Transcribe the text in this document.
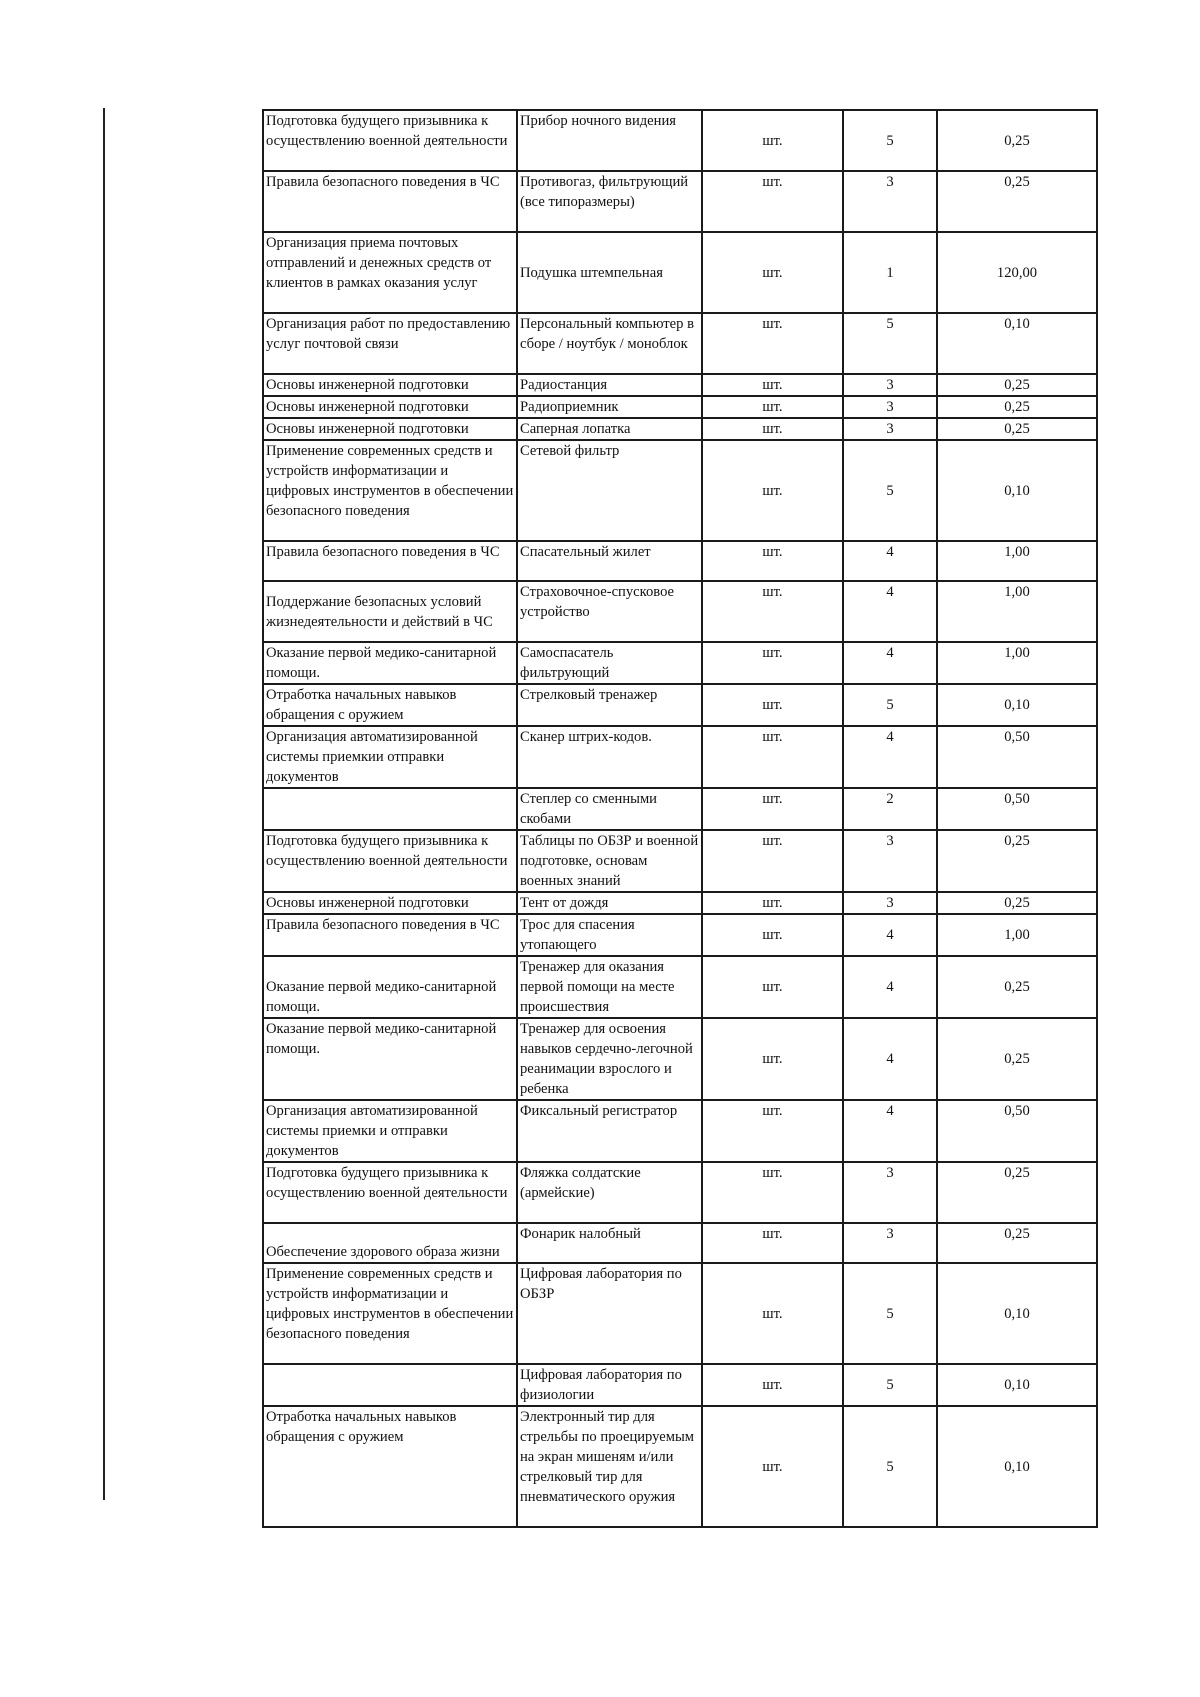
Подготовка будущего призывника к осуществлению военной деятельности	Прибор ночного видения	шт.	5	0,25
Правила безопасного поведения в ЧС	Противогаз, фильтрующий (все типоразмеры)	шт.	3	0,25
Организация приема почтовых отправлений и денежных средств от клиентов в рамках оказания услуг	Подушка штемпельная	шт.	1	120,00
Организация работ по предоставлению услуг почтовой связи	Персональный компьютер в сборе / ноутбук / моноблок	шт.	5	0,10
Основы инженерной подготовки	Радиостанция	шт.	3	0,25
Основы инженерной подготовки	Радиоприемник	шт.	3	0,25
Основы инженерной подготовки	Саперная лопатка	шт.	3	0,25
Применение современных средств и устройств информатизации и цифровых инструментов в обеспечении безопасного поведения	Сетевой фильтр	шт.	5	0,10
Правила безопасного поведения в ЧС	Спасательный жилет	шт.	4	1,00
Поддержание безопасных условий жизнедеятельности и действий в ЧС	Страховочное-спусковое устройство	шт.	4	1,00
Оказание первой медико-санитарной помощи.	Самоспасатель фильтрующий	шт.	4	1,00
Отработка начальных навыков обращения с оружием	Стрелковый тренажер	шт.	5	0,10
Организация автоматизированной системы приемкии отправки документов	Сканер штрих-кодов.	шт.	4	0,50
	Степлер со сменными скобами	шт.	2	0,50
Подготовка будущего призывника к осуществлению военной деятельности	Таблицы по ОБЗР и военной подготовке, основам военных знаний	шт.	3	0,25
Основы инженерной подготовки	Тент от дождя	шт.	3	0,25
Правила безопасного поведения в ЧС	Трос для спасения утопающего	шт.	4	1,00
Оказание первой медико-санитарной помощи.	Тренажер для оказания первой помощи на месте происшествия	шт.	4	0,25
Оказание первой медико-санитарной помощи.	Тренажер для освоения навыков сердечно-легочной реанимации взрослого и ребенка	шт.	4	0,25
Организация автоматизированной системы приемки и отправки документов	Фиксальный регистратор	шт.	4	0,50
Подготовка будущего призывника к осуществлению военной деятельности	Фляжка солдатские (армейские)	шт.	3	0,25
Обеспечение здорового образа жизни	Фонарик налобный	шт.	3	0,25
Применение современных средств и устройств информатизации и цифровых инструментов в обеспечении безопасного поведения	Цифровая лаборатория по ОБЗР	шт.	5	0,10
	Цифровая лаборатория по физиологии	шт.	5	0,10
Отработка начальных навыков обращения с оружием	Электронный тир для стрельбы по проецируемым на экран мишеням и/или стрелковый тир для пневматического оружия	шт.	5	0,10
